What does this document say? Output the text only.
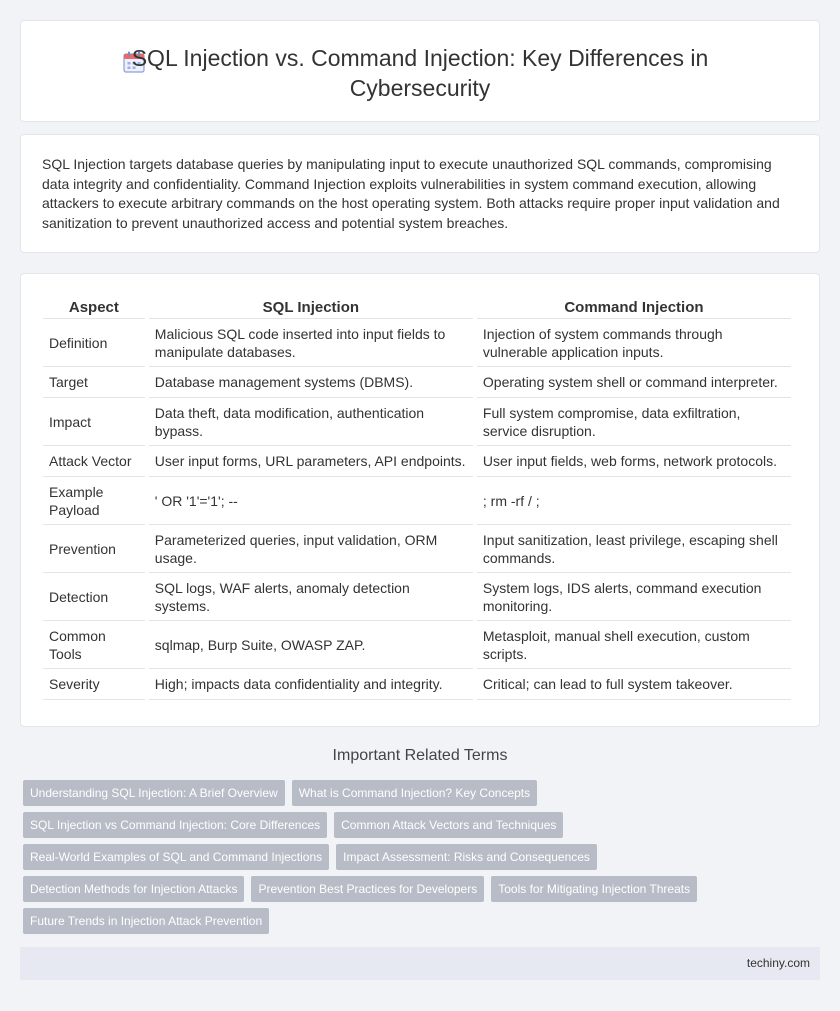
SQL Injection vs. Command Injection: Key Differences in Cybersecurity

SQL Injection targets database queries by manipulating input to execute unauthorized SQL commands, compromising data integrity and confidentiality. Command Injection exploits vulnerabilities in system command execution, allowing attackers to execute arbitrary commands on the host operating system. Both attacks require proper input validation and sanitization to prevent unauthorized access and potential system breaches.

Aspect	SQL Injection	Command Injection
Definition	Malicious SQL code inserted into input fields to manipulate databases.	Injection of system commands through vulnerable application inputs.
Target	Database management systems (DBMS).	Operating system shell or command interpreter.
Impact	Data theft, data modification, authentication bypass.	Full system compromise, data exfiltration, service disruption.
Attack Vector	User input forms, URL parameters, API endpoints.	User input fields, web forms, network protocols.
Example Payload	' OR '1'='1'; --	; rm -rf / ;
Prevention	Parameterized queries, input validation, ORM usage.	Input sanitization, least privilege, escaping shell commands.
Detection	SQL logs, WAF alerts, anomaly detection systems.	System logs, IDS alerts, command execution monitoring.
Common Tools	sqlmap, Burp Suite, OWASP ZAP.	Metasploit, manual shell execution, custom scripts.
Severity	High; impacts data confidentiality and integrity.	Critical; can lead to full system takeover.
Important Related Terms
Understanding SQL Injection: A Brief Overview	What is Command Injection? Key Concepts
SQL Injection vs Command Injection: Core Differences	Common Attack Vectors and Techniques
Real-World Examples of SQL and Command Injections	Impact Assessment: Risks and Consequences
Detection Methods for Injection Attacks	Prevention Best Practices for Developers	Tools for Mitigating Injection Threats
Future Trends in Injection Attack Prevention
techiny.com
